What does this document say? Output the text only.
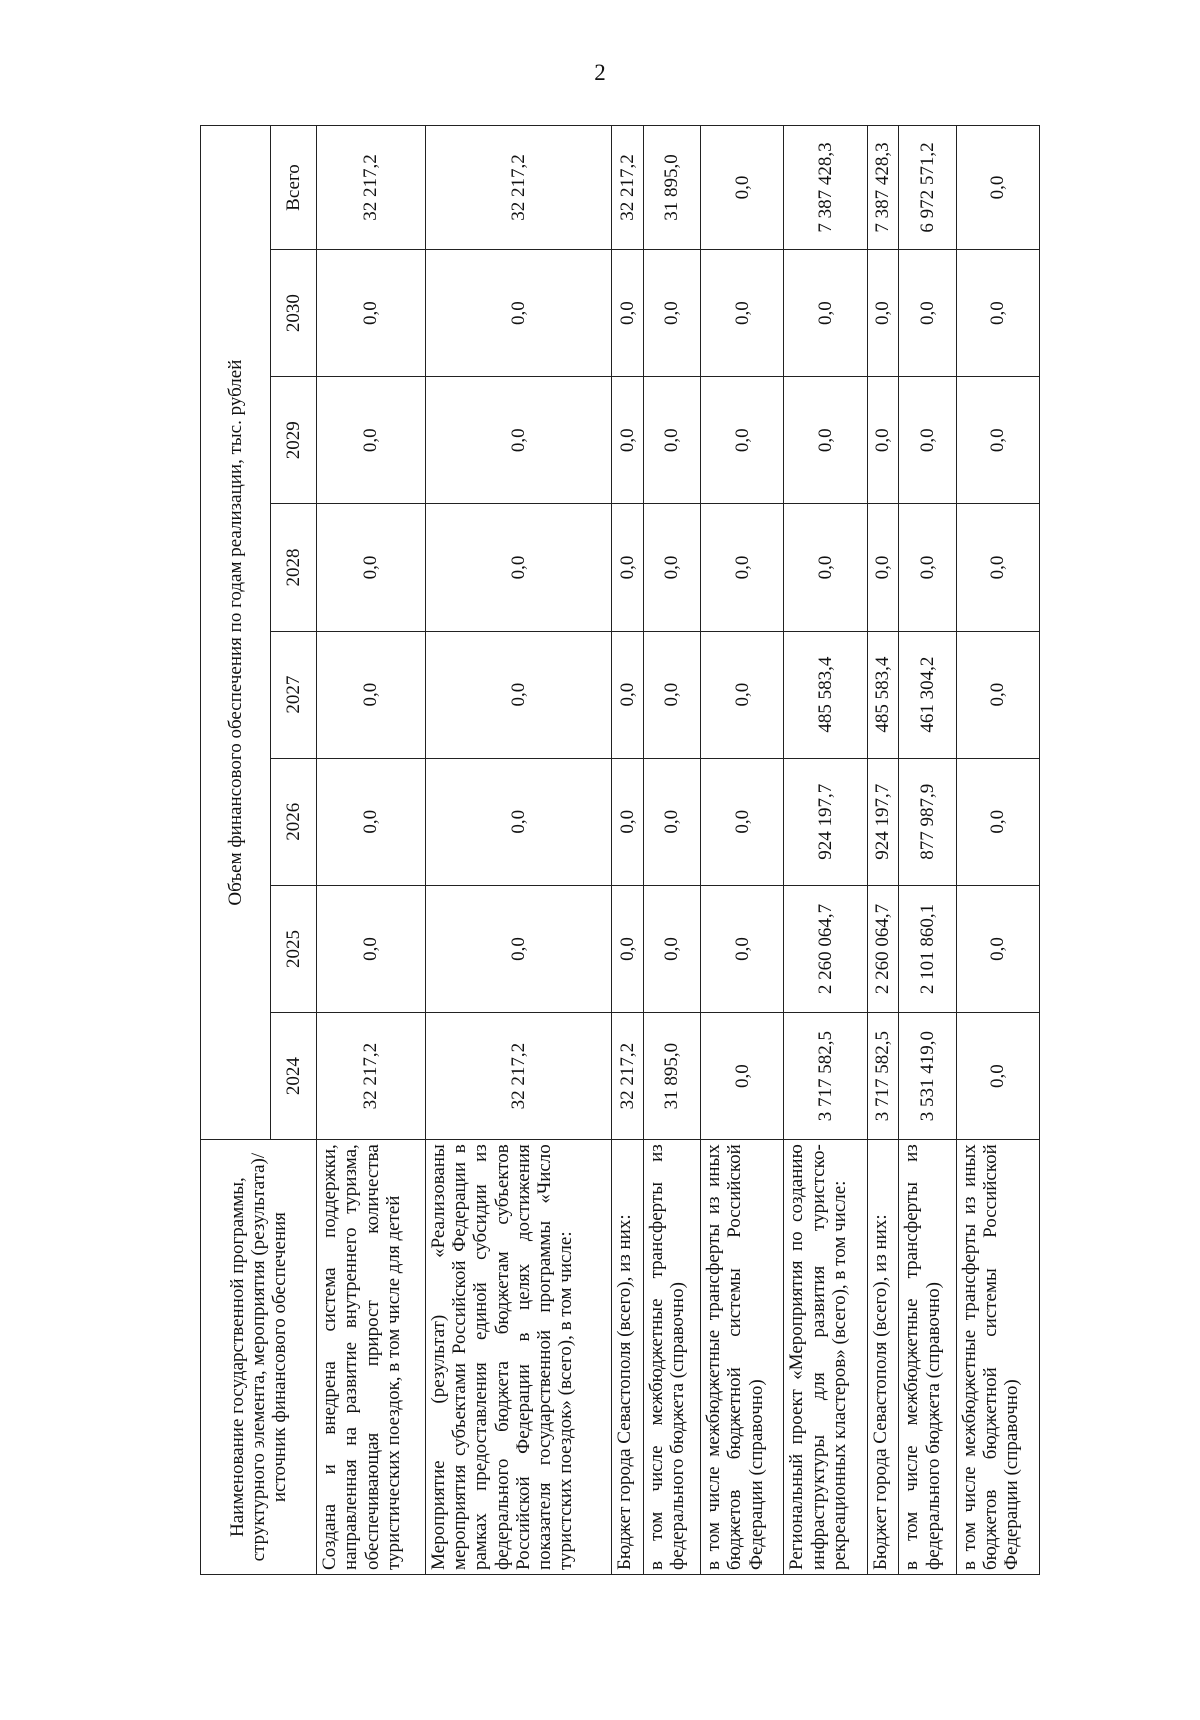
2
Наименование государственной программы, структурного элемента, мероприятия (результата)/источник финансового обеспечения	Объем финансового обеспечения по годам реализации, тыс. рублей							
	2024	2025	2026	2027	2028	2029	2030	Всего
Создана и внедрена система поддержки, направленная на развитие внутреннего туризма, обеспечивающая прирост количества туристических поездок, в том числе для детей	32 217,2	0,0	0,0	0,0	0,0	0,0	0,0	32 217,2
Мероприятие (результат) «Реализованы мероприятия субъектами Российской Федерации в рамках предоставления единой субсидии из федерального бюджета бюджетам субъектов Российской Федерации в целях достижения показателя государственной программы «Число туристских поездок» (всего), в том числе:	32 217,2	0,0	0,0	0,0	0,0	0,0	0,0	32 217,2
Бюджет города Севастополя (всего), из них:	32 217,2	0,0	0,0	0,0	0,0	0,0	0,0	32 217,2
в том числе межбюджетные трансферты из федерального бюджета (справочно)	31 895,0	0,0	0,0	0,0	0,0	0,0	0,0	31 895,0
в том числе межбюджетные трансферты из иных бюджетов бюджетной системы Российской Федерации (справочно)	0,0	0,0	0,0	0,0	0,0	0,0	0,0	0,0
Региональный проект «Мероприятия по созданию инфраструктуры для развития туристско-рекреационных кластеров» (всего), в том числе:	3 717 582,5	2 260 064,7	924 197,7	485 583,4	0,0	0,0	0,0	7 387 428,3
Бюджет города Севастополя (всего), из них:	3 717 582,5	2 260 064,7	924 197,7	485 583,4	0,0	0,0	0,0	7 387 428,3
в том числе межбюджетные трансферты из федерального бюджета (справочно)	3 531 419,0	2 101 860,1	877 987,9	461 304,2	0,0	0,0	0,0	6 972 571,2
в том числе межбюджетные трансферты из иных бюджетов бюджетной системы Российской Федерации (справочно)	0,0	0,0	0,0	0,0	0,0	0,0	0,0	0,0
